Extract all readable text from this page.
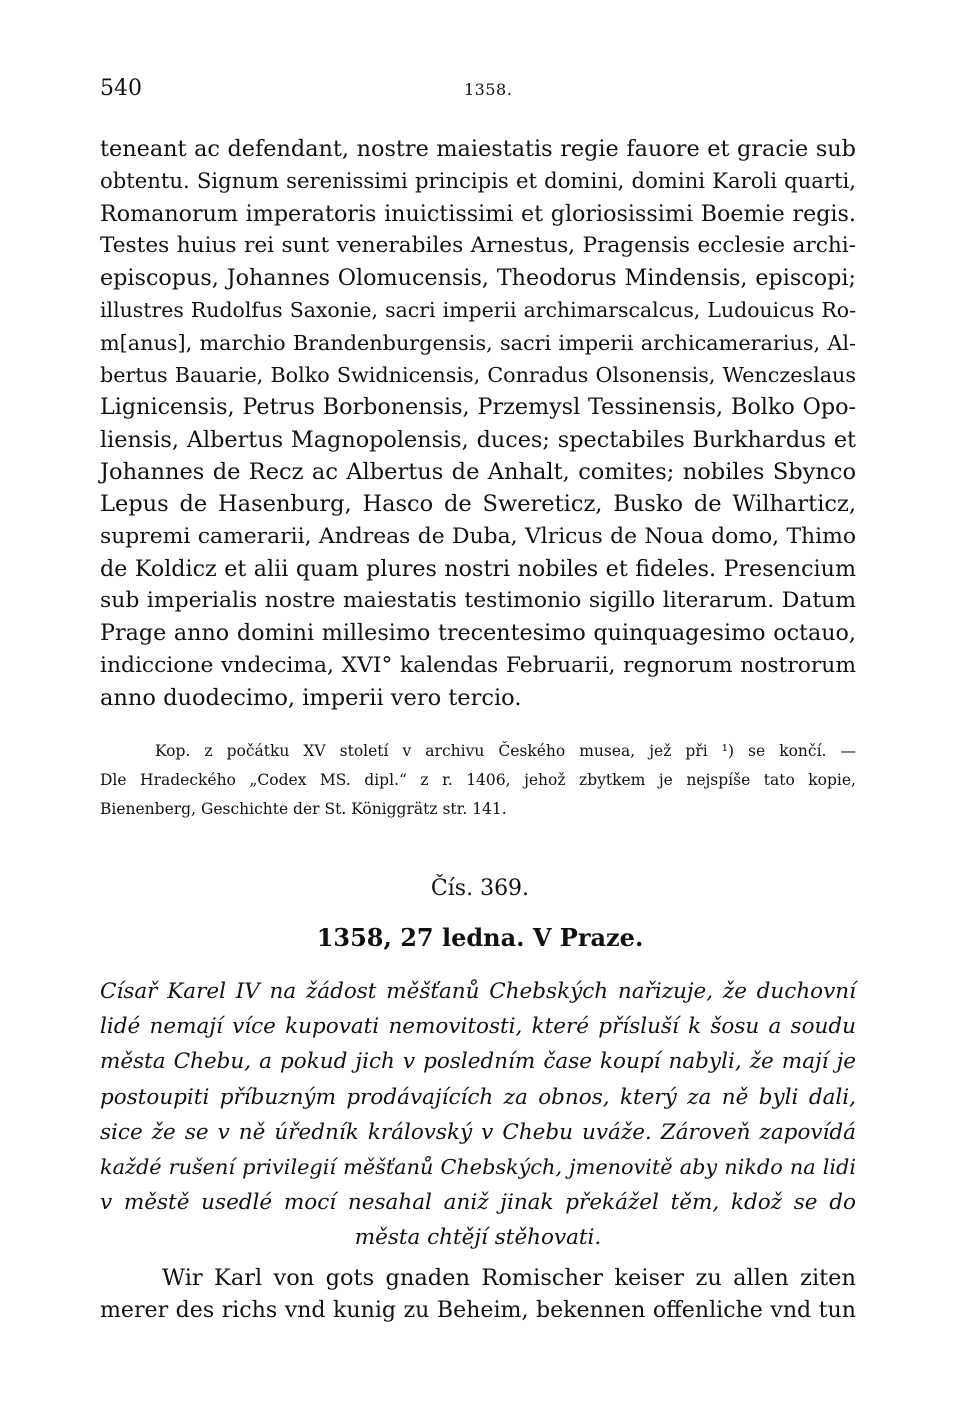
540	1358.
teneant ac defendant, nostre maiestatis regie fauore et gracie sub
obtentu. Signum serenissimi principis et domini, domini Karoli quarti,
Romanorum imperatoris inuictissimi et gloriosissimi Boemie regis.
Testes huius rei sunt venerabiles Arnestus, Pragensis ecclesie archi-
episcopus, Johannes Olomucensis, Theodorus Mindensis, episcopi;
illustres Rudolfus Saxonie, sacri imperii archimarscalcus, Ludouicus Ro-
m[anus], marchio Brandenburgensis, sacri imperii archicamerarius, Al-
bertus Bauarie, Bolko Swidnicensis, Conradus Olsonensis, Wenczeslaus
Lignicensis, Petrus Borbonensis, Przemysl Tessinensis, Bolko Opo-
liensis, Albertus Magnopolensis, duces; spectabiles Burkhardus et
Johannes de Recz ac Albertus de Anhalt, comites; nobiles Sbynco
Lepus de Hasenburg, Hasco de Swereticz, Busko de Wilharticz,
supremi camerarii, Andreas de Duba, Vlricus de Noua domo, Thimo
de Koldicz et alii quam plures nostri nobiles et fideles. Presencium
sub imperialis nostre maiestatis testimonio sigillo literarum. Datum
Prage anno domini millesimo trecentesimo quinquagesimo octauo,
indiccione vndecima, XVI° kalendas Februarii, regnorum nostrorum
anno duodecimo, imperii vero tercio.
Kop. z počátku XV století v archivu Českého musea, jež při ¹) se končí. —
Dle Hradeckého „Codex MS. dipl.“ z r. 1406, jehož zbytkem je nejspíše tato kopie,
Bienenberg, Geschichte der St. Königgrätz str. 141.
Čís. 369.
1358, 27 ledna. V Praze.
Císař Karel IV na žádost měšťanů Chebských nařizuje, že duchovní
lidé nemají více kupovati nemovitosti, které přísluší k šosu a soudu
města Chebu, a pokud jich v posledním čase koupí nabyli, že mají je
postoupiti příbuzným prodávajících za obnos, který za ně byli dali,
sice že se v ně úředník královský v Chebu uváže. Zároveň zapovídá
každé rušení privilegií měšťanů Chebských, jmenovitě aby nikdo na lidi
v městě usedlé mocí nesahal aniž jinak překážel těm, kdož se do
města chtějí stěhovati.
Wir Karl von gots gnaden Romischer keiser zu allen ziten
merer des richs vnd kunig zu Beheim, bekennen offenliche vnd tun
